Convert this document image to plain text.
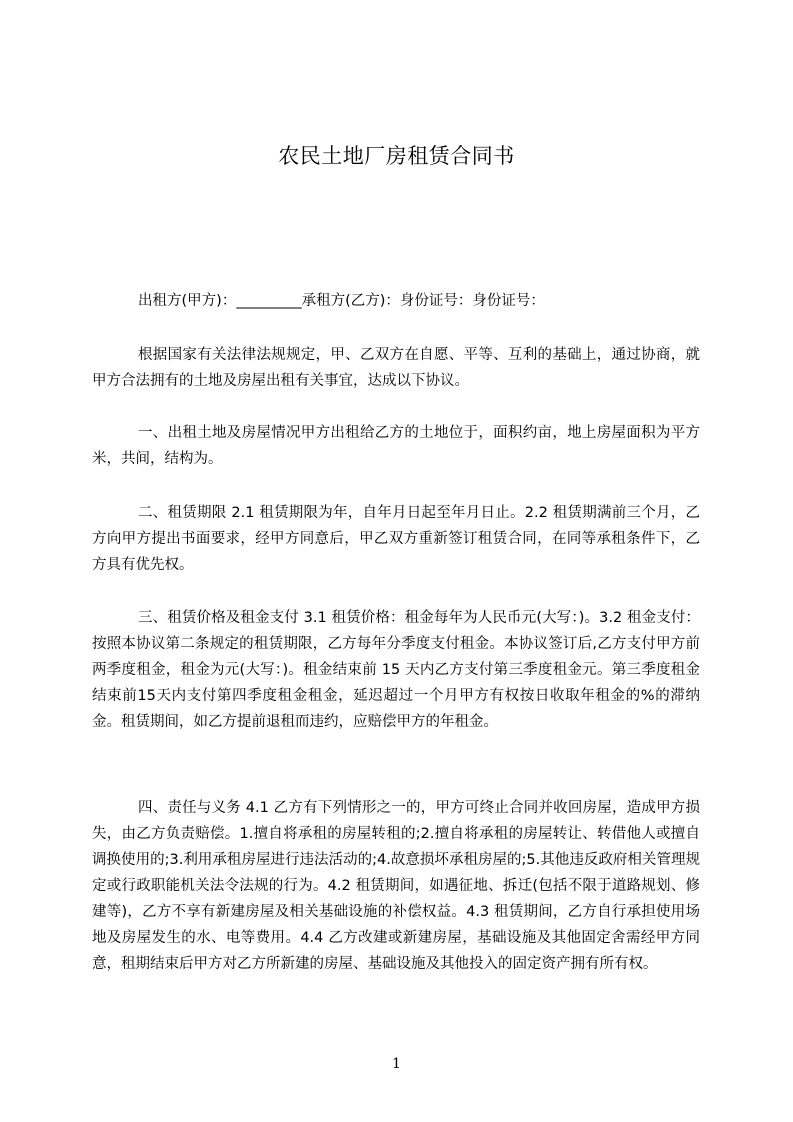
农民土地厂房租赁合同书

出租方(甲方)：_________承租方(乙方)：身份证号：身份证号：

根据国家有关法律法规规定，甲、乙双方在自愿、平等、互利的基础上，通过协商，就甲方合法拥有的土地及房屋出租有关事宜，达成以下协议。

一、出租土地及房屋情况甲方出租给乙方的土地位于，面积约亩，地上房屋面积为平方米，共间，结构为。

二、租赁期限 2.1 租赁期限为年，自年月日起至年月日止。2.2 租赁期满前三个月，乙方向甲方提出书面要求，经甲方同意后，甲乙双方重新签订租赁合同，在同等承租条件下，乙方具有优先权。

三、租赁价格及租金支付 3.1 租赁价格：租金每年为人民币元(大写：)。3.2 租金支付：按照本协议第二条规定的租赁期限，乙方每年分季度支付租金。本协议签订后,乙方支付甲方前两季度租金，租金为元(大写：)。租金结束前 15 天内乙方支付第三季度租金元。第三季度租金结束前15天内支付第四季度租金租金，延迟超过一个月甲方有权按日收取年租金的%的滞纳金。租赁期间，如乙方提前退租而违约，应赔偿甲方的年租金。

四、责任与义务 4.1 乙方有下列情形之一的，甲方可终止合同并收回房屋，造成甲方损失，由乙方负责赔偿。1.擅自将承租的房屋转租的;2.擅自将承租的房屋转让、转借他人或擅自调换使用的;3.利用承租房屋进行违法活动的;4.故意损坏承租房屋的;5.其他违反政府相关管理规定或行政职能机关法令法规的行为。4.2 租赁期间，如遇征地、拆迁(包括不限于道路规划、修建等)，乙方不享有新建房屋及相关基础设施的补偿权益。4.3 租赁期间，乙方自行承担使用场地及房屋发生的水、电等费用。4.4 乙方改建或新建房屋，基础设施及其他固定舍需经甲方同意，租期结束后甲方对乙方所新建的房屋、基础设施及其他投入的固定资产拥有所有权。

1
